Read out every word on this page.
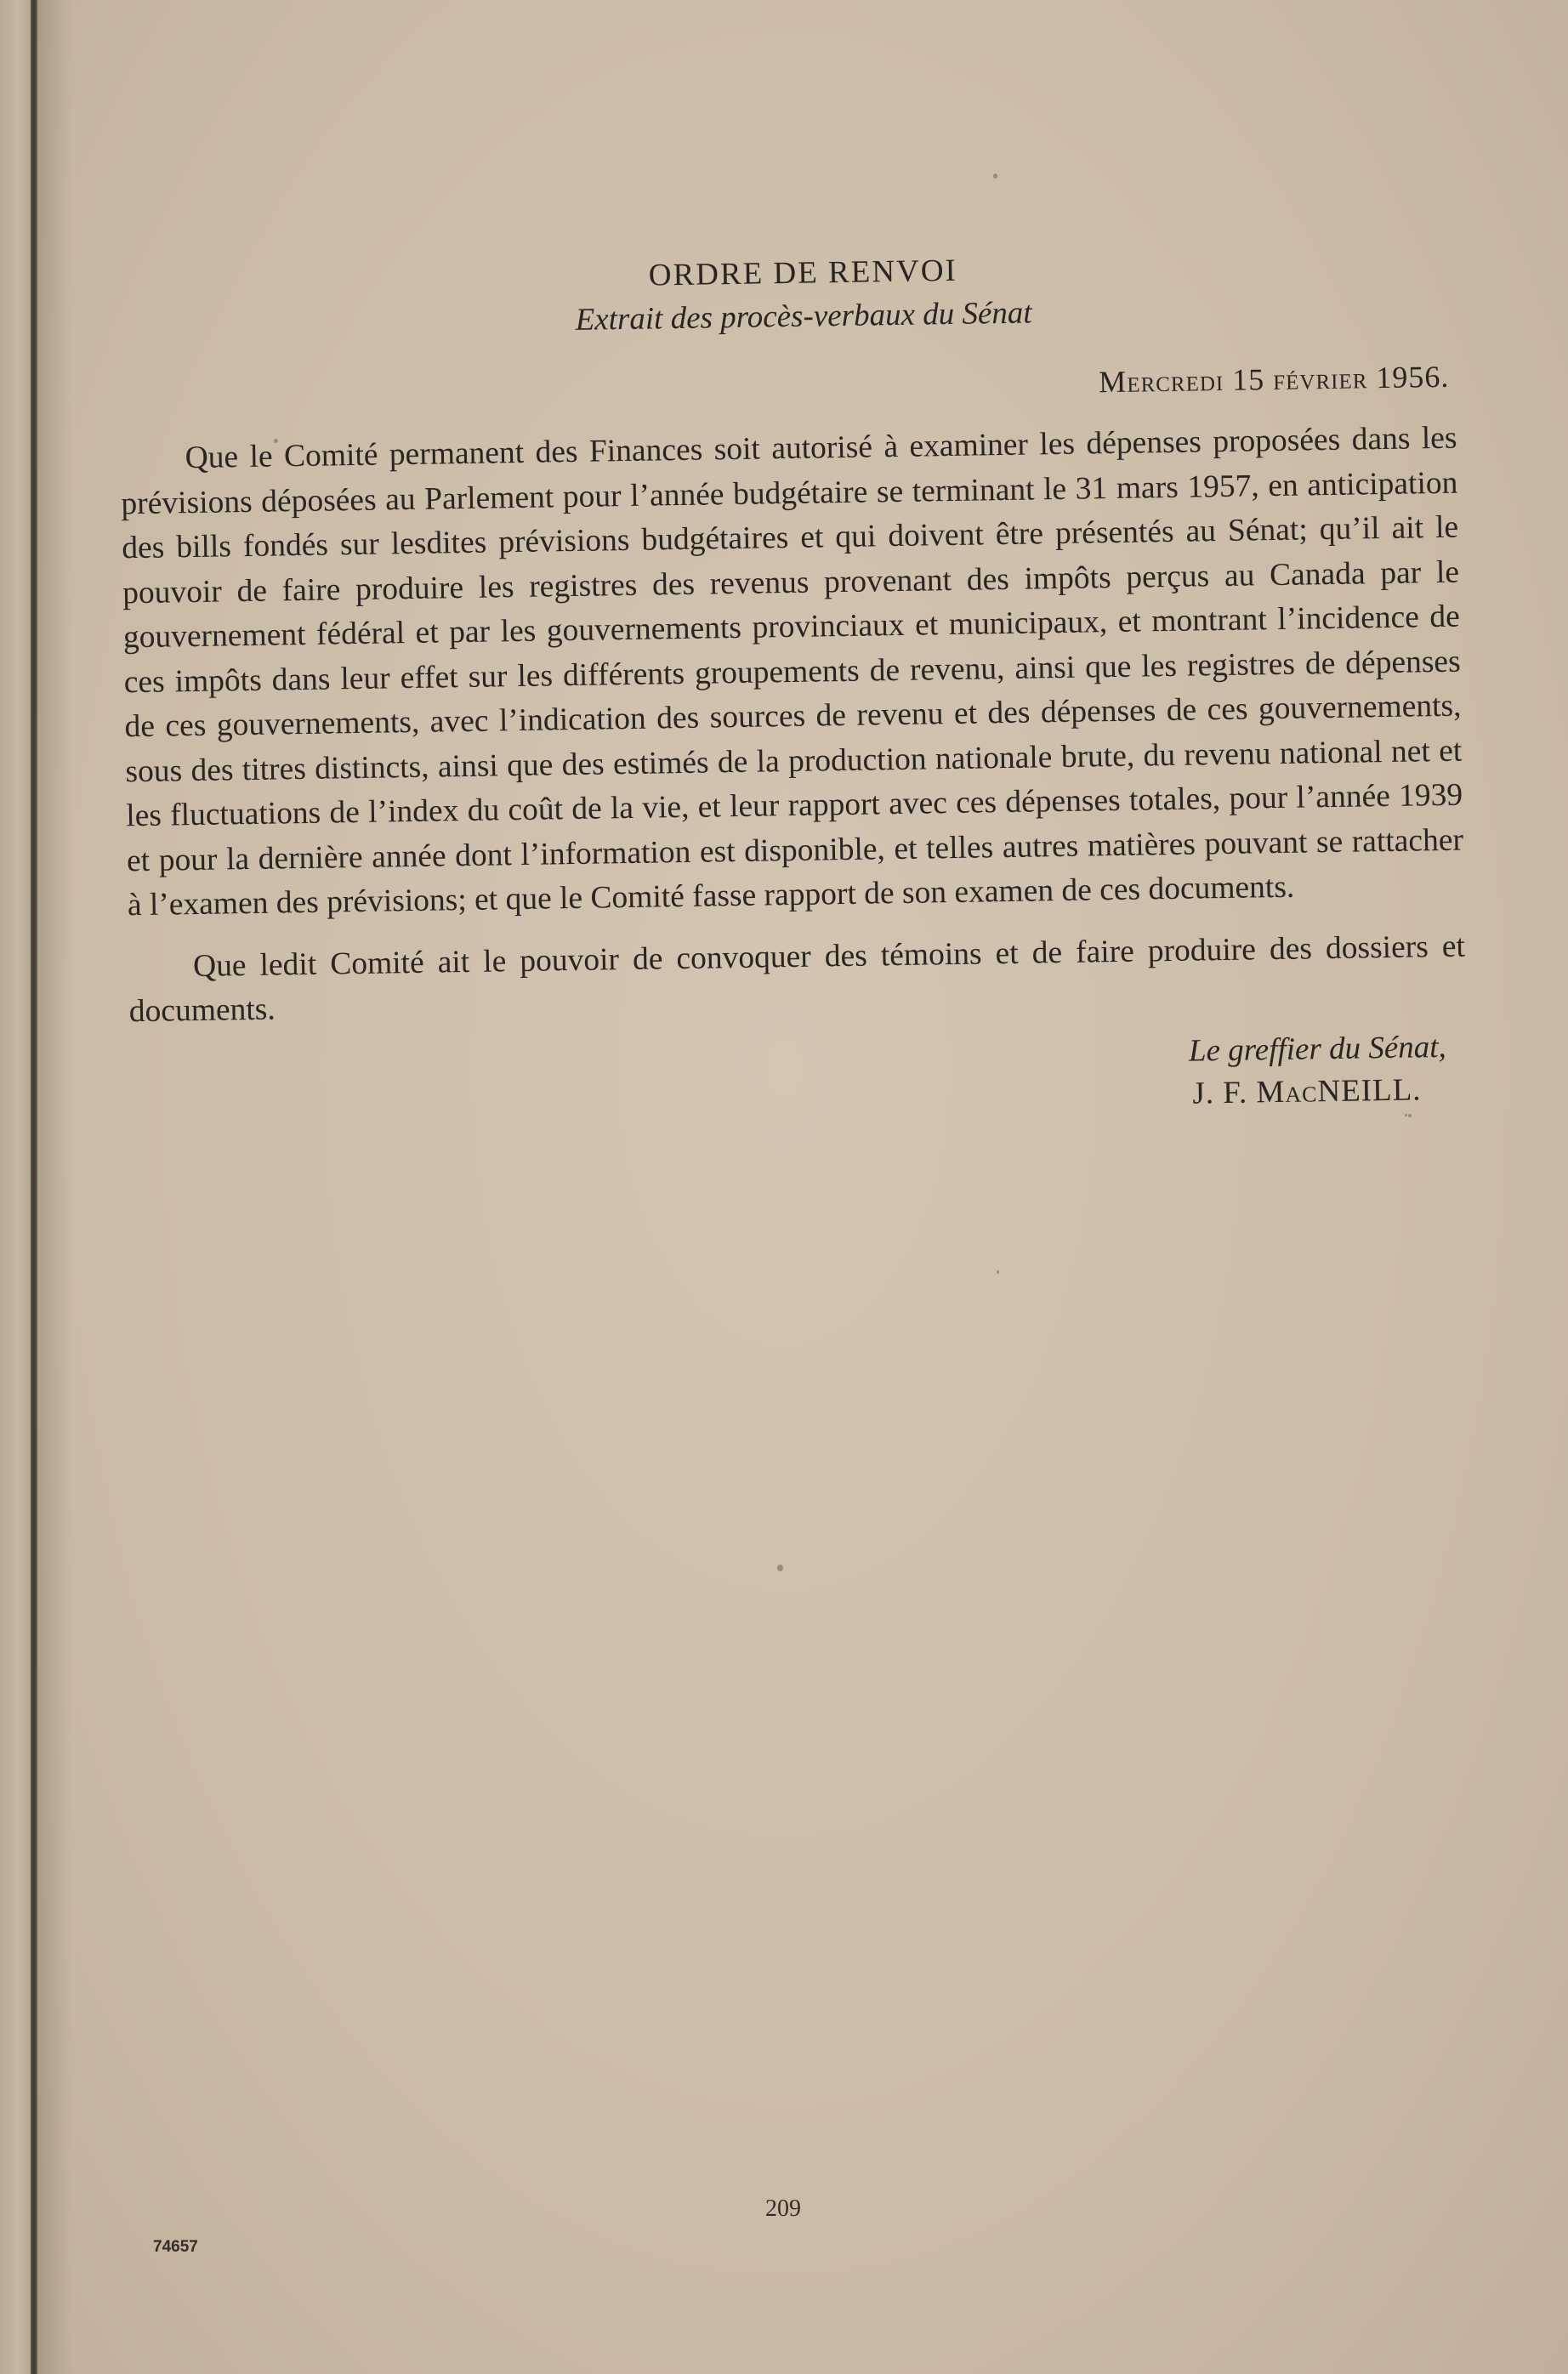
ORDRE DE RENVOI
Extrait des procès-verbaux du Sénat
Mercredi 15 février 1956.

Que le Comité permanent des Finances soit autorisé à examiner les dépenses proposées dans les prévisions déposées au Parlement pour l’année budgétaire se terminant le 31 mars 1957, en anticipation des bills fondés sur lesdites prévisions budgétaires et qui doivent être présentés au Sénat; qu’il ait le pouvoir de faire produire les registres des revenus provenant des impôts perçus au Canada par le gouvernement fédéral et par les gouvernements provinciaux et municipaux, et montrant l’incidence de ces impôts dans leur effet sur les différents groupements de revenu, ainsi que les registres de dépenses de ces gouvernements, avec l’indication des sources de revenu et des dépenses de ces gouvernements, sous des titres distincts, ainsi que des estimés de la production nationale brute, du revenu national net et les fluctuations de l’index du coût de la vie, et leur rapport avec ces dépenses totales, pour l’année 1939 et pour la dernière année dont l’information est disponible, et telles autres matières pouvant se rattacher à l’examen des prévisions; et que le Comité fasse rapport de son examen de ces documents.

Que ledit Comité ait le pouvoir de convoquer des témoins et de faire produire des dossiers et documents.

Le greffier du Sénat,
J. F. MacNEILL.
209
74657
